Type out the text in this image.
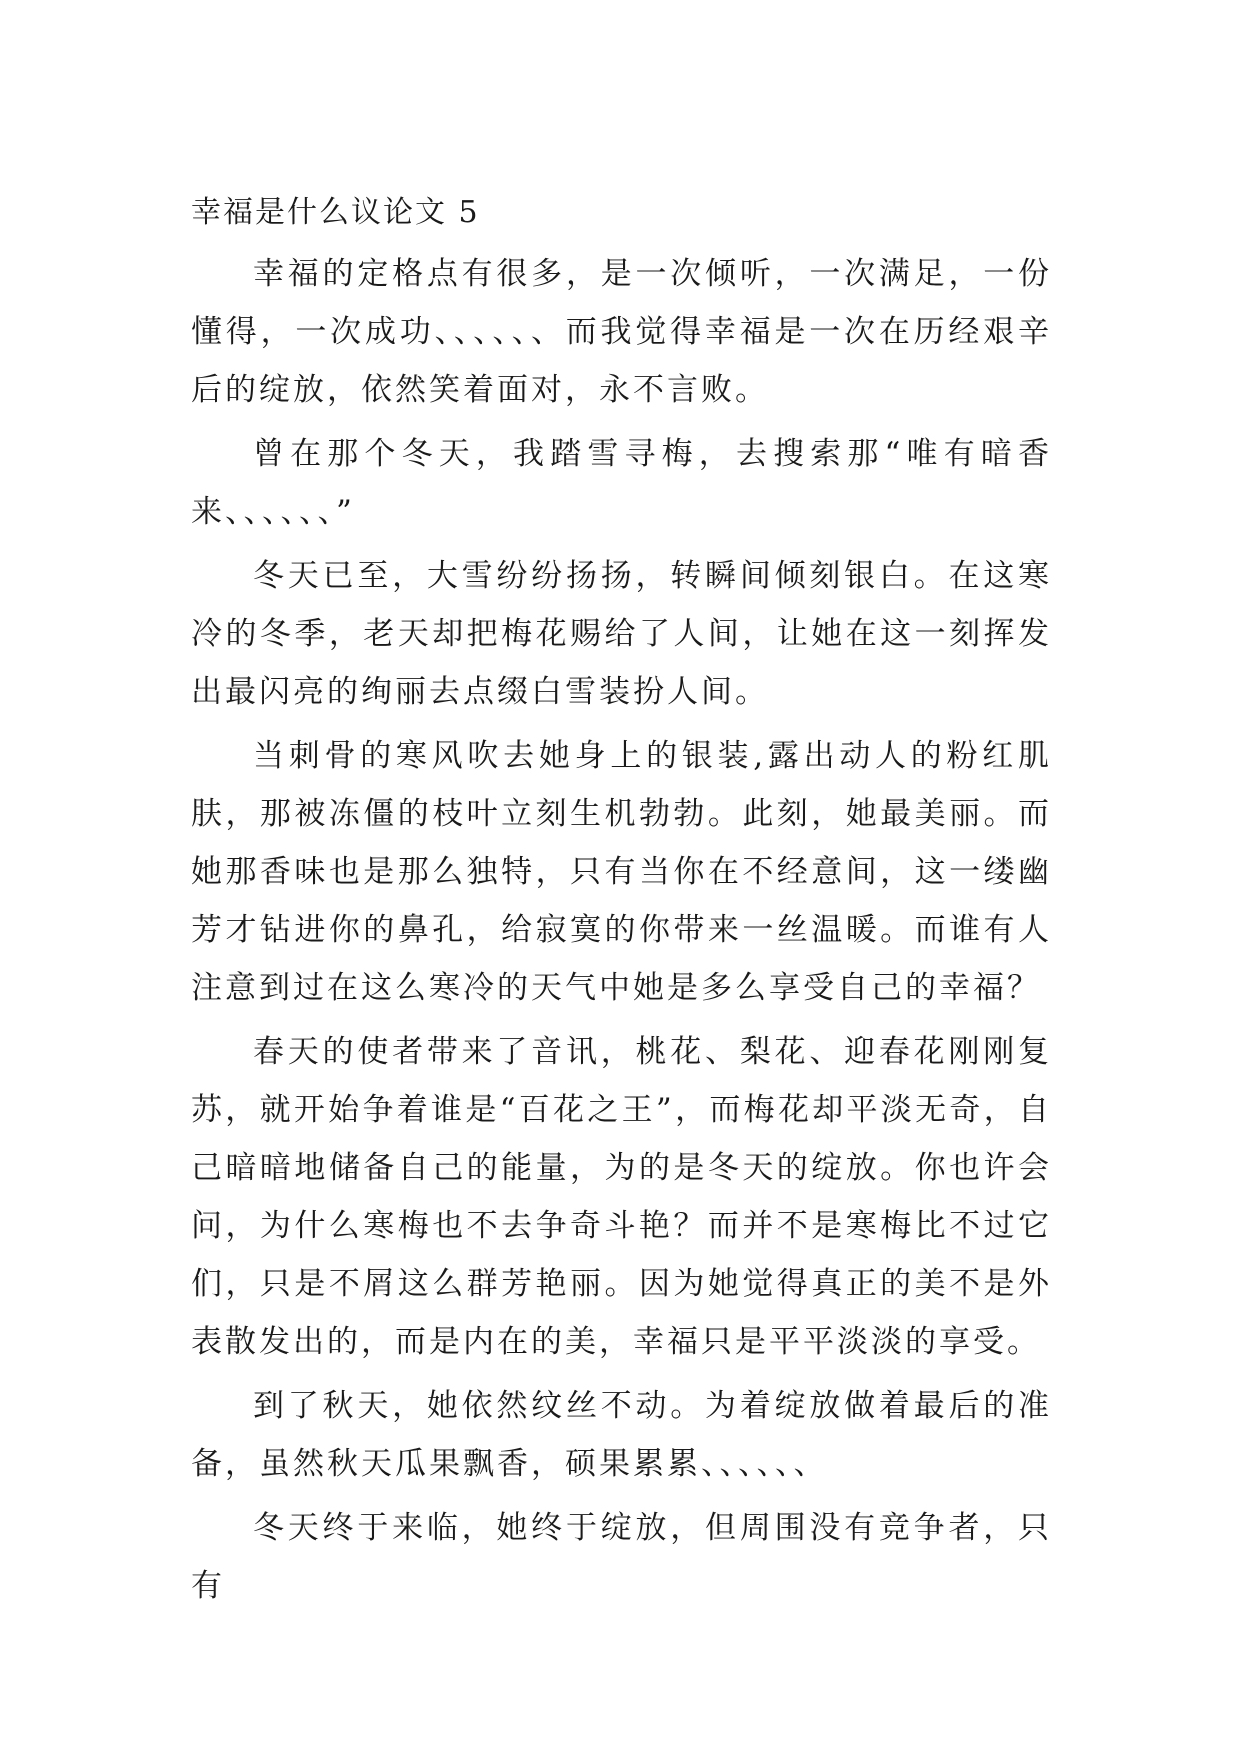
幸福是什么议论文 5

幸福的定格点有很多，是一次倾听，一次满足，一份懂得，一次成功、、、、、、而我觉得幸福是一次在历经艰辛后的绽放，依然笑着面对，永不言败。

曾在那个冬天，我踏雪寻梅，去搜索那“唯有暗香来、、、、、、”

冬天已至，大雪纷纷扬扬，转瞬间倾刻银白。在这寒冷的冬季，老天却把梅花赐给了人间，让她在这一刻挥发出最闪亮的绚丽去点缀白雪装扮人间。

当刺骨的寒风吹去她身上的银装,露出动人的粉红肌肤，那被冻僵的枝叶立刻生机勃勃。此刻，她最美丽。而她那香味也是那么独特，只有当你在不经意间，这一缕幽芳才钻进你的鼻孔，给寂寞的你带来一丝温暖。而谁有人注意到过在这么寒冷的天气中她是多么享受自己的幸福？

春天的使者带来了音讯，桃花、梨花、迎春花刚刚复苏，就开始争着谁是“百花之王”，而梅花却平淡无奇，自己暗暗地储备自己的能量，为的是冬天的绽放。你也许会问，为什么寒梅也不去争奇斗艳？而并不是寒梅比不过它们，只是不屑这么群芳艳丽。因为她觉得真正的美不是外表散发出的，而是内在的美，幸福只是平平淡淡的享受。

到了秋天，她依然纹丝不动。为着绽放做着最后的准备，虽然秋天瓜果飘香，硕果累累、、、、、、

冬天终于来临，她终于绽放，但周围没有竞争者，只有
